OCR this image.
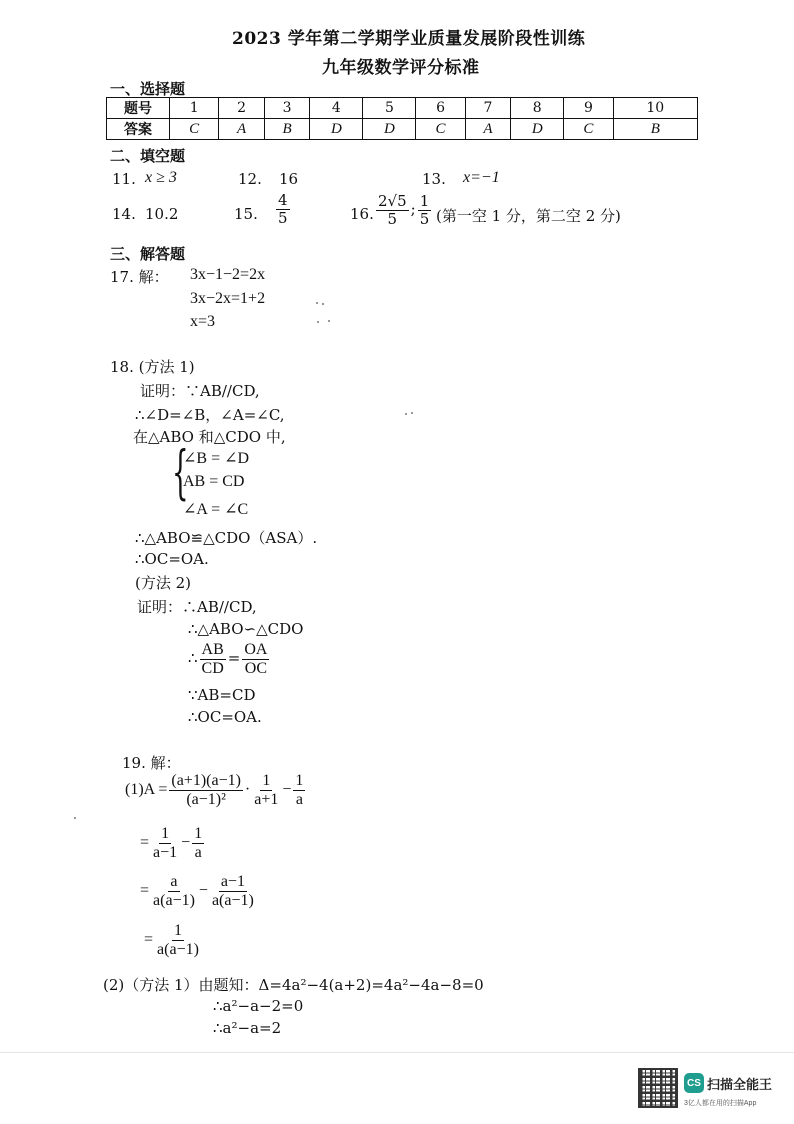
2023 学年第二学期学业质量发展阶段性训练
九年级数学评分标准
一、选择题
题号	1	2	3	4	5	6	7	8	9	10
答案	C	A	B	D	D	C	A	D	C	B
二、填空题
11. x ≥ 3	12. 16	13. x=−1
14. 10.2	15. $\frac{4}{5}$	16. $\frac{2√5}{5}$ ; $\frac{1}{5}$ (第一空 1 分，第二空 2 分)
三、解答题
17. 解： 3x−1−2=2x
3x−2x=1+2
x=3
18. (方法 1)
证明：∵AB//CD,
∴∠D=∠B，∠A=∠C,
在△ABO 和△CDO 中,
{
∠B = ∠D
AB = CD
∠A = ∠C
∴△ABO≌△CDO（ASA）.
∴OC=OA.
(方法 2)
证明：∴AB//CD,
∴△ABO∽△CDO
∴ $\frac{AB}{CD} = \frac{OA}{OC}$
∵AB=CD
∴OC=OA.
19. 解：
$(1)A = \frac{(a+1)(a-1)}{\text{(a−1)²}} \cdot \frac{1}{a+1} - \frac{1}{a}$
= $\frac{1}{a-1} - \frac{1}{a}$
= $\frac{a}{a(a-1)} - \frac{a-1}{a(a-1)}$
= $\frac{1}{a(a-1)}$
(2)（方法 1）由题知：Δ=4a²−4(a+2)=4a²−4a−8=0
∴a²−a−2=0
∴a²−a=2
CS 扫描全能王
3亿人都在用的扫描App
